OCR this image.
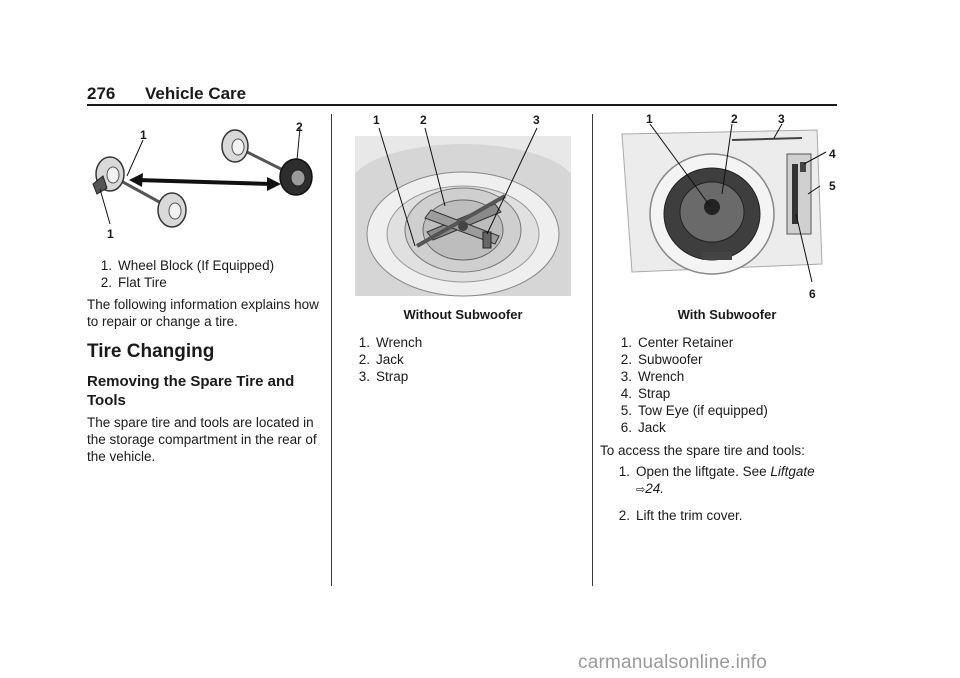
276 Vehicle Care
1
2
1
1. Wheel Block (If Equipped)
2. Flat Tire
The following information explains how to repair or change a tire.
Tire Changing
Removing the Spare Tire and Tools
The spare tire and tools are located in the storage compartment in the rear of the vehicle.
1	2	3
Without Subwoofer
1. Wrench
2. Jack
3. Strap
1	2	3
4
5
6
With Subwoofer
1. Center Retainer
2. Subwoofer
3. Wrench
4. Strap
5. Tow Eye (if equipped)
6. Jack
To access the spare tire and tools:
1. Open the liftgate. See Liftgate
⇨24.
2. Lift the trim cover.
carmanualsonline.info
